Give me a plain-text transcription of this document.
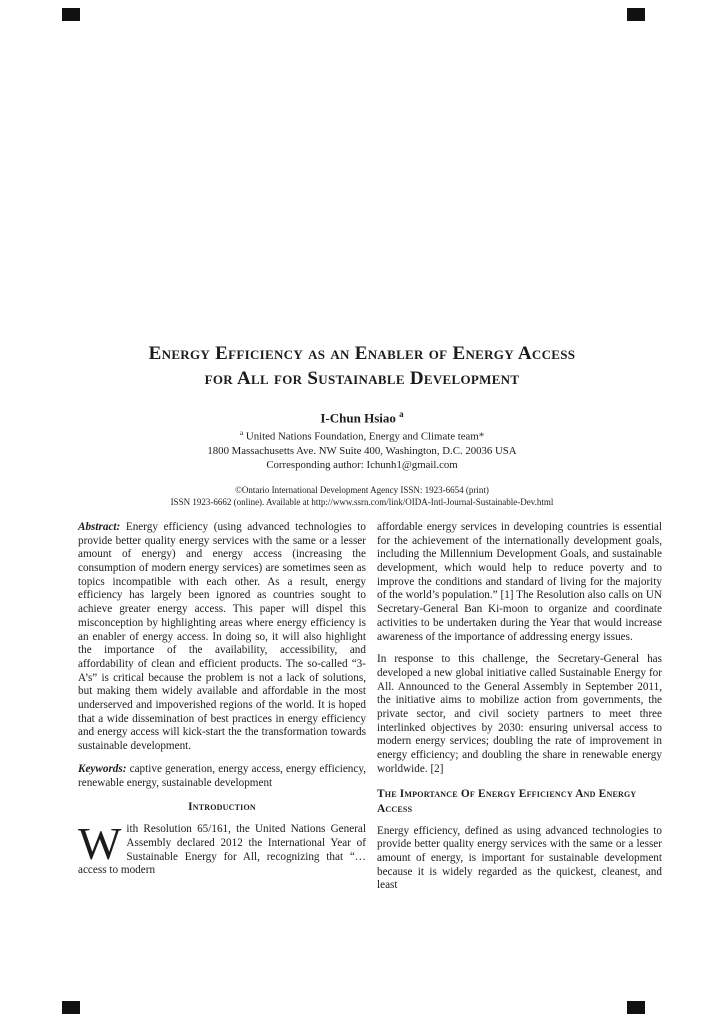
Energy Efficiency as an Enabler of Energy Access
for All for Sustainable Development
I-Chun Hsiao $^a$
$^a$ United Nations Foundation, Energy and Climate team*
1800 Massachusetts Ave. NW Suite 400, Washington, D.C. 20036 USA
Corresponding author: Ichunh1@gmail.com
©Ontario International Development Agency ISSN: 1923-6654 (print)
ISSN 1923-6662 (online). Available at http://www.ssrn.com/link/OIDA-Intl-Journal-Sustainable-Dev.html

Abstract: Energy efficiency (using advanced technologies to provide better quality energy services with the same or a lesser amount of energy) and energy access (increasing the consumption of modern energy services) are sometimes seen as topics incompatible with each other. As a result, energy efficiency has largely been ignored as countries sought to achieve greater energy access. This paper will dispel this misconception by highlighting areas where energy efficiency is an enabler of energy access. In doing so, it will also highlight the importance of the availability, accessibility, and affordability of clean and efficient products. The so-called “3-A’s” is critical because the problem is not a lack of solutions, but making them widely available and affordable in the most underserved and impoverished regions of the world. It is hoped that a wide dissemination of best practices in energy efficiency and energy access will kick-start the the transformation towards sustainable development.

Keywords: captive generation, energy access, energy efficiency, renewable energy, sustainable development

Introduction

With Resolution 65/161, the United Nations General Assembly declared 2012 the International Year of Sustainable Energy for All, recognizing that “… access to modern

affordable energy services in developing countries is essential for the achievement of the internationally development goals, including the Millennium Development Goals, and sustainable development, which would help to reduce poverty and to improve the conditions and standard of living for the majority of the world’s population.” [1] The Resolution also calls on UN Secretary-General Ban Ki-moon to organize and coordinate activities to be undertaken during the Year that would increase awareness of the importance of addressing energy issues.

In response to this challenge, the Secretary-General has developed a new global initiative called Sustainable Energy for All. Announced to the General Assembly in September 2011, the initiative aims to mobilize action from governments, the private sector, and civil society partners to meet three interlinked objectives by 2030: ensuring universal access to modern energy services; doubling the rate of improvement in energy efficiency; and doubling the share in renewable energy worldwide. [2]

The Importance Of Energy Efficiency And Energy Access

Energy efficiency, defined as using advanced technologies to provide better quality energy services with the same or a lesser amount of energy, is important for sustainable development because it is widely regarded as the quickest, cleanest, and least
